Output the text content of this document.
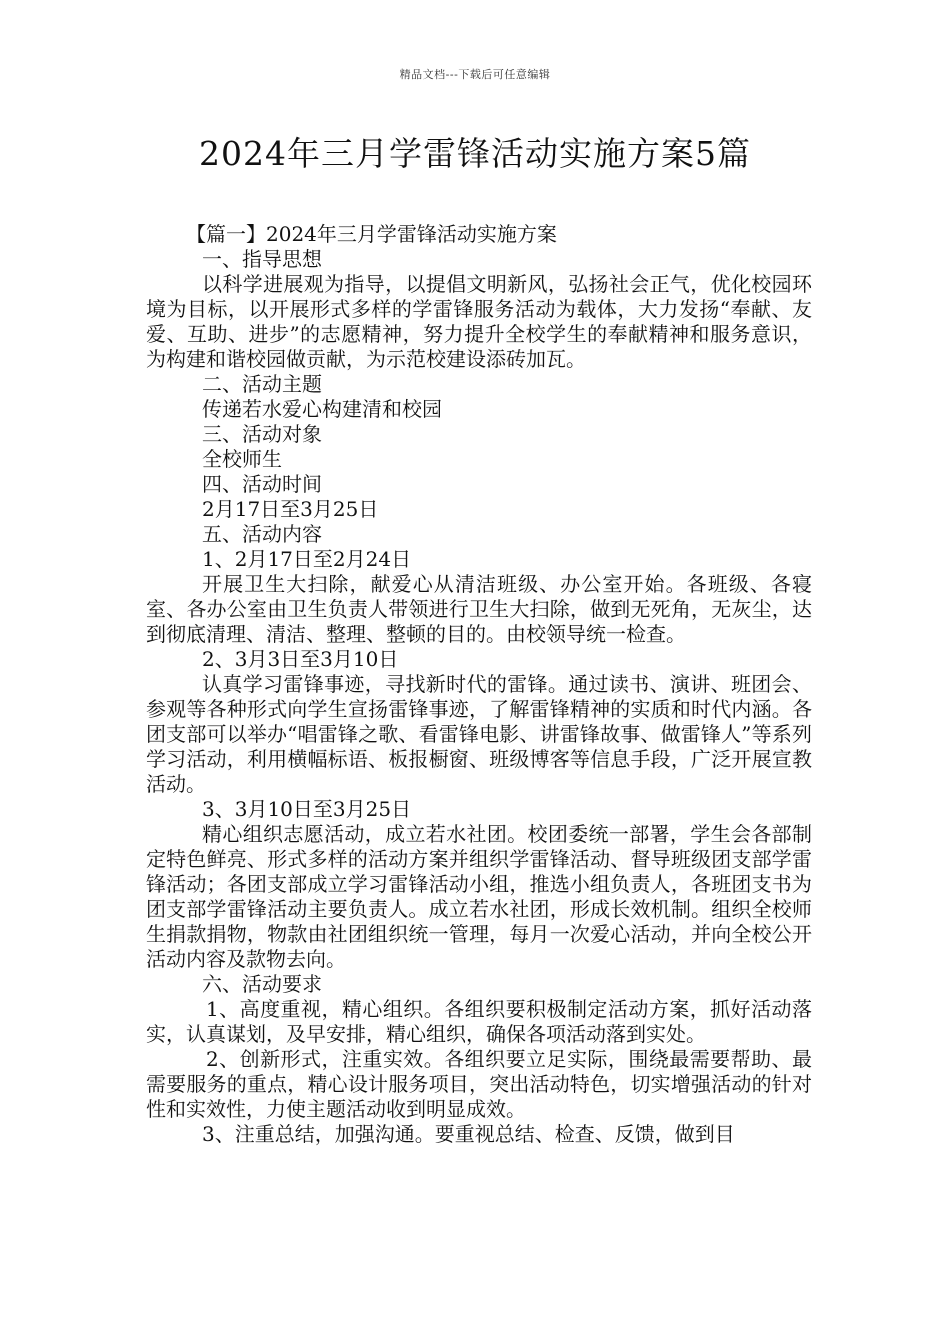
精品文档---下载后可任意编辑
2024年三月学雷锋活动实施方案5篇

【篇一】2024年三月学雷锋活动实施方案

一、指导思想

以科学进展观为指导，以提倡文明新风，弘扬社会正气，优化校园环境为目标，以开展形式多样的学雷锋服务活动为载体，大力发扬“奉献、友爱、互助、进步”的志愿精神，努力提升全校学生的奉献精神和服务意识，为构建和谐校园做贡献，为示范校建设添砖加瓦。

二、活动主题

传递若水爱心构建清和校园

三、活动对象

全校师生

四、活动时间

2月17日至3月25日

五、活动内容

1、2月17日至2月24日

开展卫生大扫除，献爱心从清洁班级、办公室开始。各班级、各寝室、各办公室由卫生负责人带领进行卫生大扫除，做到无死角，无灰尘，达到彻底清理、清洁、整理、整顿的目的。由校领导统一检查。

2、3月3日至3月10日

认真学习雷锋事迹，寻找新时代的雷锋。通过读书、演讲、班团会、参观等各种形式向学生宣扬雷锋事迹，了解雷锋精神的实质和时代内涵。各团支部可以举办“唱雷锋之歌、看雷锋电影、讲雷锋故事、做雷锋人”等系列学习活动，利用横幅标语、板报橱窗、班级博客等信息手段，广泛开展宣教活动。

3、3月10日至3月25日

精心组织志愿活动，成立若水社团。校团委统一部署，学生会各部制定特色鲜亮、形式多样的活动方案并组织学雷锋活动、督导班级团支部学雷锋活动；各团支部成立学习雷锋活动小组，推选小组负责人，各班团支书为团支部学雷锋活动主要负责人。成立若水社团，形成长效机制。组织全校师生捐款捐物，物款由社团组织统一管理，每月一次爱心活动，并向全校公开活动内容及款物去向。

六、活动要求

1、高度重视，精心组织。各组织要积极制定活动方案，抓好活动落实，认真谋划，及早安排，精心组织，确保各项活动落到实处。

2、创新形式，注重实效。各组织要立足实际，围绕最需要帮助、最需要服务的重点，精心设计服务项目，突出活动特色，切实增强活动的针对性和实效性，力使主题活动收到明显成效。

3、注重总结，加强沟通。要重视总结、检查、反馈，做到目
